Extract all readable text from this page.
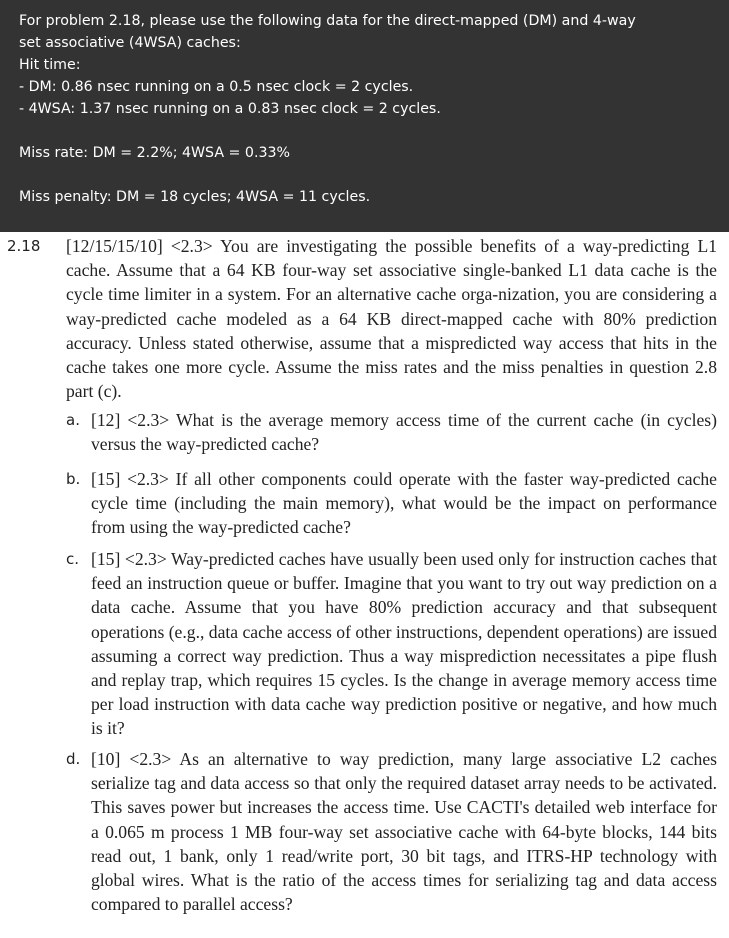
For problem 2.18, please use the following data for the direct-mapped (DM) and 4-way

set associative (4WSA) caches:

Hit time:

- DM: 0.86 nsec running on a 0.5 nsec clock = 2 cycles.

- 4WSA: 1.37 nsec running on a 0.83 nsec clock = 2 cycles.

Miss rate: DM = 2.2%; 4WSA = 0.33%

Miss penalty: DM = 18 cycles; 4WSA = 11 cycles.

2.18 [12/15/15/10] <2.3> You are investigating the possible benefits of a way-predicting L1 cache. Assume that a 64 KB four-way set associative single-banked L1 data cache is the cycle time limiter in a system. For an alternative cache orga-nization, you are considering a way-predicted cache modeled as a 64 KB direct-mapped cache with 80% prediction accuracy. Unless stated otherwise, assume that a mispredicted way access that hits in the cache takes one more cycle. Assume the miss rates and the miss penalties in question 2.8 part (c).
a. [12] <2.3> What is the average memory access time of the current cache (in cycles) versus the way-predicted cache?
b. [15] <2.3> If all other components could operate with the faster way-predicted cache cycle time (including the main memory), what would be the impact on performance from using the way-predicted cache?
c. [15] <2.3> Way-predicted caches have usually been used only for instruction caches that feed an instruction queue or buffer. Imagine that you want to try out way prediction on a data cache. Assume that you have 80% prediction accuracy and that subsequent operations (e.g., data cache access of other instructions, dependent operations) are issued assuming a correct way prediction. Thus a way misprediction necessitates a pipe flush and replay trap, which requires 15 cycles. Is the change in average memory access time per load instruction with data cache way prediction positive or negative, and how much is it?
d. [10] <2.3> As an alternative to way prediction, many large associative L2 caches serialize tag and data access so that only the required dataset array needs to be activated. This saves power but increases the access time. Use CACTI's detailed web interface for a 0.065 m process 1 MB four-way set associative cache with 64-byte blocks, 144 bits read out, 1 bank, only 1 read/write port, 30 bit tags, and ITRS-HP technology with global wires. What is the ratio of the access times for serializing tag and data access compared to parallel access?
